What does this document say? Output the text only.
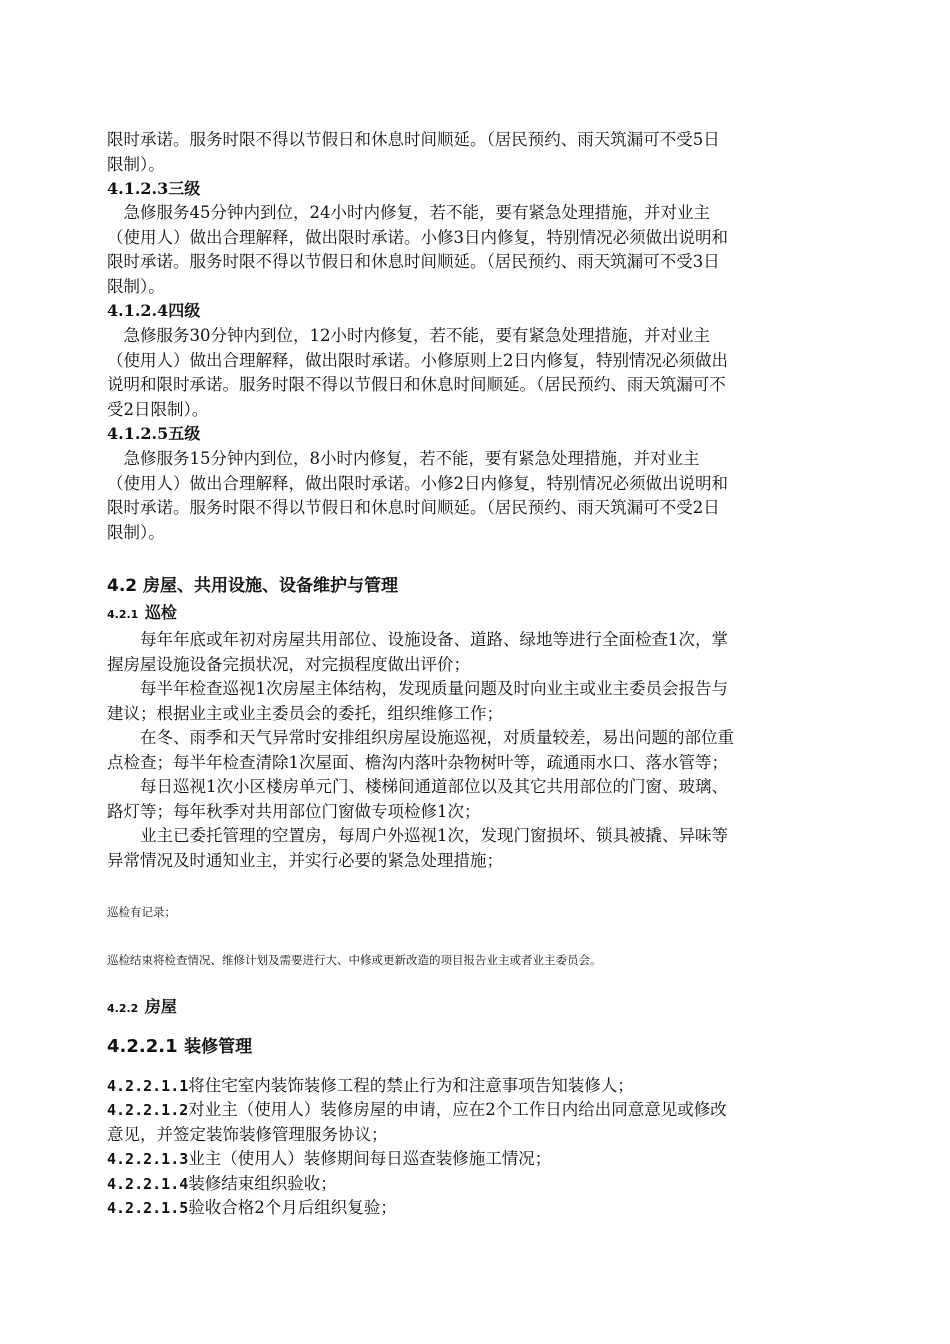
限时承诺。服务时限不得以节假日和休息时间顺延。（居民预约、雨天筑漏可不受5日
限制）。

4.1.2.3三级

　急修服务45分钟内到位，24小时内修复，若不能，要有紧急处理措施，并对业主
（使用人）做出合理解释，做出限时承诺。小修3日内修复，特别情况必须做出说明和
限时承诺。服务时限不得以节假日和休息时间顺延。（居民预约、雨天筑漏可不受3日
限制）。

4.1.2.4四级

　急修服务30分钟内到位，12小时内修复，若不能，要有紧急处理措施，并对业主
（使用人）做出合理解释，做出限时承诺。小修原则上2日内修复，特别情况必须做出
说明和限时承诺。服务时限不得以节假日和休息时间顺延。（居民预约、雨天筑漏可不
受2日限制）。

4.1.2.5五级

　急修服务15分钟内到位，8小时内修复，若不能，要有紧急处理措施，并对业主
（使用人）做出合理解释，做出限时承诺。小修2日内修复，特别情况必须做出说明和
限时承诺。服务时限不得以节假日和休息时间顺延。（居民预约、雨天筑漏可不受2日
限制）。

4.2 房屋、共用设施、设备维护与管理
4.2.1 巡检

　　每年年底或年初对房屋共用部位、设施设备、道路、绿地等进行全面检查1次，掌
握房屋设施设备完损状况，对完损程度做出评价；
　　每半年检查巡视1次房屋主体结构，发现质量问题及时向业主或业主委员会报告与
建议；根据业主或业主委员会的委托，组织维修工作；
　　在冬、雨季和天气异常时安排组织房屋设施巡视，对质量较差，易出问题的部位重
点检查；每半年检查清除1次屋面、檐沟内落叶杂物树叶等，疏通雨水口、落水管等；
　　每日巡视1次小区楼房单元门、楼梯间通道部位以及其它共用部位的门窗、玻璃、
路灯等；每年秋季对共用部位门窗做专项检修1次；
　　业主已委托管理的空置房，每周户外巡视1次，发现门窗损坏、锁具被撬、异味等
异常情况及时通知业主，并实行必要的紧急处理措施；

巡检有记录；

巡检结束将检查情况、维修计划及需要进行大、中修或更新改造的项目报告业主或者业主委员会。

4.2.2 房屋
4.2.2.1 装修管理

4.2.2.1.1将住宅室内装饰装修工程的禁止行为和注意事项告知装修人；

4.2.2.1.2对业主（使用人）装修房屋的申请，应在2个工作日内给出同意意见或修改
意见，并签定装饰装修管理服务协议；

4.2.2.1.3业主（使用人）装修期间每日巡查装修施工情况；

4.2.2.1.4装修结束组织验收；

4.2.2.1.5验收合格2个月后组织复验；
